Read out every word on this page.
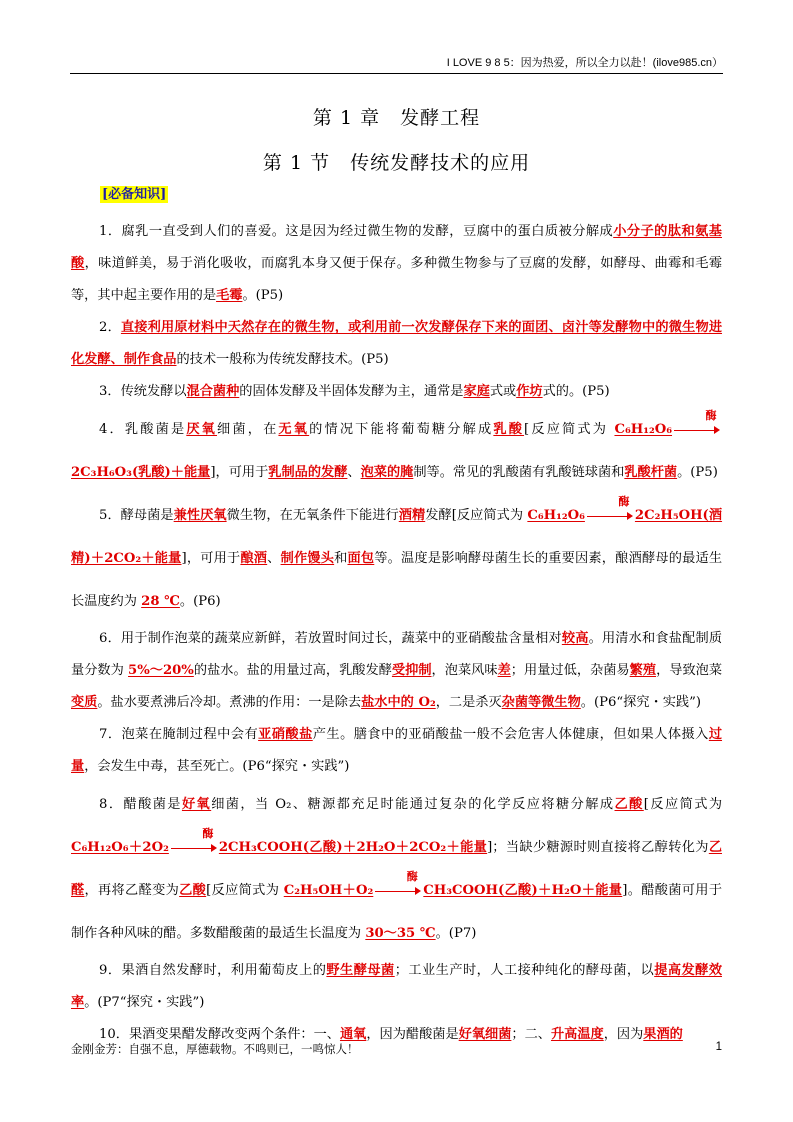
I LOVE 9 8 5：因为热爱，所以全力以赴！(ilove985.cn）
第 1 章　发酵工程
第 1 节　传统发酵技术的应用
[必备知识]

1．腐乳一直受到人们的喜爱。这是因为经过微生物的发酵，豆腐中的蛋白质被分解成小分子的肽和氨基酸，味道鲜美，易于消化吸收，而腐乳本身又便于保存。多种微生物参与了豆腐的发酵，如酵母、曲霉和毛霉等，其中起主要作用的是毛霉。(P5)

2．直接利用原材料中天然存在的微生物，或利用前一次发酵保存下来的面团、卤汁等发酵物中的微生物进化发酵、制作食品的技术一般称为传统发酵技术。(P5)

3．传统发酵以混合菌种的固体发酵及半固体发酵为主，通常是家庭式或作坊式的。(P5)

4．乳酸菌是厌氧细菌，在无氧的情况下能将葡萄糖分解成乳酸[反应简式为 C₆H₁₂O₆
酶
2C₃H₆O₃(乳酸)＋能量]，可用于乳制品的发酵、泡菜的腌制等。常见的乳酸菌有乳酸链球菌和乳酸杆菌。(P5)

5．酵母菌是兼性厌氧微生物，在无氧条件下能进行酒精发酵[反应简式为 C₆H₁₂O₆
酶
2C₂H₅OH(酒精)＋2CO₂＋能量]，可用于酿酒、制作馒头和面包等。温度是影响酵母菌生长的重要因素，酿酒酵母的最适生长温度约为 28 ℃。(P6)

6．用于制作泡菜的蔬菜应新鲜，若放置时间过长，蔬菜中的亚硝酸盐含量相对较高。用清水和食盐配制质量分数为 5%～20%的盐水。盐的用量过高，乳酸发酵受抑制，泡菜风味差；用量过低，杂菌易繁殖，导致泡菜变质。盐水要煮沸后冷却。煮沸的作用：一是除去盐水中的 O₂，二是杀灭杂菌等微生物。(P6“探究・实践”)

7．泡菜在腌制过程中会有亚硝酸盐产生。膳食中的亚硝酸盐一般不会危害人体健康，但如果人体摄入过量，会发生中毒，甚至死亡。(P6“探究・实践”)

8．醋酸菌是好氧细菌，当 O₂、糖源都充足时能通过复杂的化学反应将糖分解成乙酸[反应简式为 C₆H₁₂O₆＋2O₂
酶
2CH₃COOH(乙酸)＋2H₂O＋2CO₂＋能量]；当缺少糖源时则直接将乙醇转化为乙醛，再将乙醛变为乙酸[反应简式为 C₂H₅OH＋O₂
酶
CH₃COOH(乙酸)＋H₂O＋能量]。醋酸菌可用于制作各种风味的醋。多数醋酸菌的最适生长温度为 30～35 ℃。(P7)

9．果酒自然发酵时，利用葡萄皮上的野生酵母菌；工业生产时，人工接种纯化的酵母菌，以提高发酵效率。(P7“探究・实践”)

10．果酒变果醋发酵改变两个条件：一、通氧，因为醋酸菌是好氧细菌；二、升高温度，因为果酒的

金刚金芳：自强不息，厚德载物。不鸣则已，一鸣惊人！	1
